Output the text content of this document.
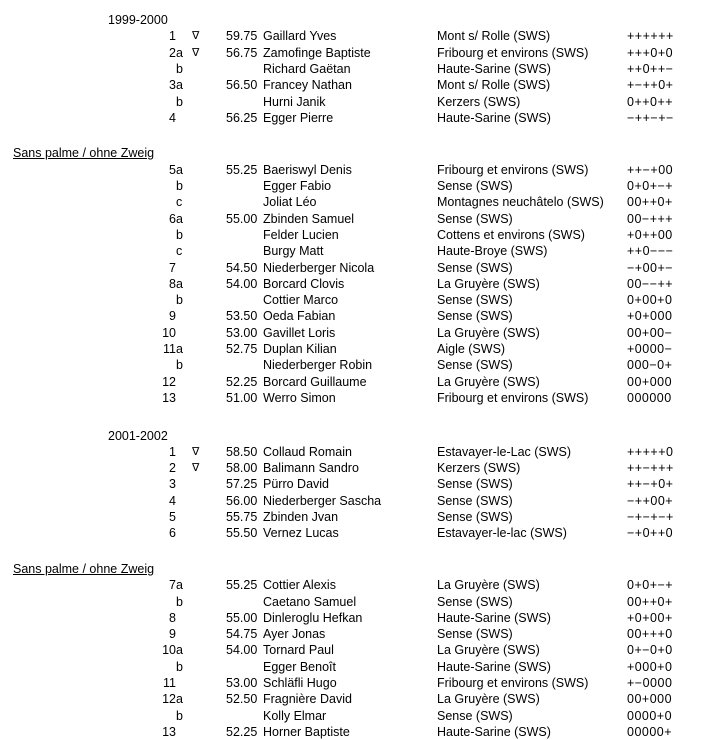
1999-2000
1 ∇ 59.75 Gaillard Yves	Mont s/ Rolle (SWS)	++++++
2 a ∇ 56.75 Zamofinge Baptiste	Fribourg et environs (SWS)	+++0+0
b	Richard Gaëtan	Haute-Sarine (SWS)	++0++−
3 a	56.50 Francey Nathan	Mont s/ Rolle (SWS)	+−++0+
b	Hurni Janik	Kerzers (SWS)	0++0++
4	56.25 Egger Pierre	Haute-Sarine (SWS)	−++−+−
Sans palme / ohne Zweig
5 a	55.25 Baeriswyl Denis	Fribourg et environs (SWS)	++−+00
b	Egger Fabio	Sense (SWS)	0+0+−+
c	Joliat Léo	Montagnes neuchâtelo (SWS) 00++0+
6 a	55.00 Zbinden Samuel	Sense (SWS)	00−+++
b	Felder Lucien	Cottens et environs (SWS)	+0++00
c	Burgy Matt	Haute-Broye (SWS)	++0−−−
7	54.50 Niederberger Nicola	Sense (SWS)	−+00+−
8 a	54.00 Borcard Clovis	La Gruyère (SWS)	00−−++
b	Cottier Marco	Sense (SWS)	0+00+0
9	53.50 Oeda Fabian	Sense (SWS)	+0+000
10	53.00 Gavillet Loris	La Gruyère (SWS)	00+00−
11 a	52.75 Duplan Kilian	Aigle (SWS)	+0000−
b	Niederberger Robin	Sense (SWS)	000−0+
12	52.25 Borcard Guillaume	La Gruyère (SWS)	00+000
13	51.00 Werro Simon	Fribourg et environs (SWS)	000000
2001-2002
1 ∇ 58.50 Collaud Romain	Estavayer-le-Lac (SWS)	+++++0
2 ∇ 58.00 Balimann Sandro	Kerzers (SWS)	++−+++
3	57.25 Pürro David	Sense (SWS)	++−+0+
4	56.00 Niederberger Sascha	Sense (SWS)	−++00+
5	55.75 Zbinden Jvan	Sense (SWS)	−+−+−+
6	55.50 Vernez Lucas	Estavayer-le-lac (SWS)	−+0++0
Sans palme / ohne Zweig
7 a	55.25 Cottier Alexis	La Gruyère (SWS)	0+0+−+
b	Caetano Samuel	Sense (SWS)	00++0+
8	55.00 Dinleroglu Hefkan	Haute-Sarine (SWS)	+0+00+
9	54.75 Ayer Jonas	Sense (SWS)	00+++0
10 a	54.00 Tornard Paul	La Gruyère (SWS)	0+−0+0
b	Egger Benoît	Haute-Sarine (SWS)	+000+0
11	53.00 Schläfli Hugo	Fribourg et environs (SWS)	+−0000
12 a	52.50 Fragnière David	La Gruyère (SWS)	00+000
b	Kolly Elmar	Sense (SWS)	0000+0
13	52.25 Horner Baptiste	Haute-Sarine (SWS)	00000+
